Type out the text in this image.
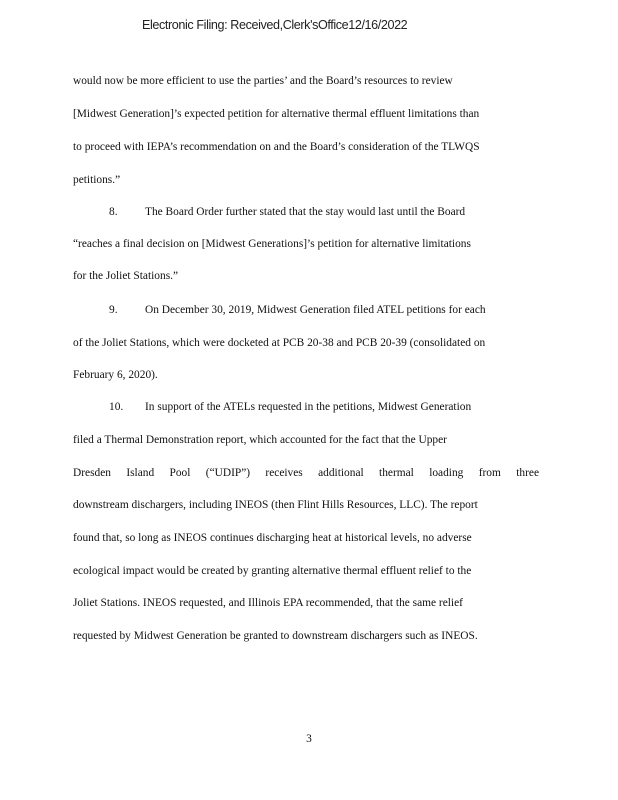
Electronic Filing: Received,Clerk'sOffice12/16/2022
would now be more efficient to use the parties’ and the Board’s resources to review
[Midwest Generation]’s expected petition for alternative thermal effluent limitations than
to proceed with IEPA’s recommendation on and the Board’s consideration of the TLWQS
petitions.”
8. The Board Order further stated that the stay would last until the Board
“reaches a final decision on [Midwest Generations]’s petition for alternative limitations
for the Joliet Stations.”
9. On December 30, 2019, Midwest Generation filed ATEL petitions for each
of the Joliet Stations, which were docketed at PCB 20-38 and PCB 20-39 (consolidated on
February 6, 2020).
10. In support of the ATELs requested in the petitions, Midwest Generation
filed a Thermal Demonstration report, which accounted for the fact that the Upper
Dresden Island Pool (“UDIP”) receives additional thermal loading from three
downstream dischargers, including INEOS (then Flint Hills Resources, LLC). The report
found that, so long as INEOS continues discharging heat at historical levels, no adverse
ecological impact would be created by granting alternative thermal effluent relief to the
Joliet Stations. INEOS requested, and Illinois EPA recommended, that the same relief
requested by Midwest Generation be granted to downstream dischargers such as INEOS.
3
